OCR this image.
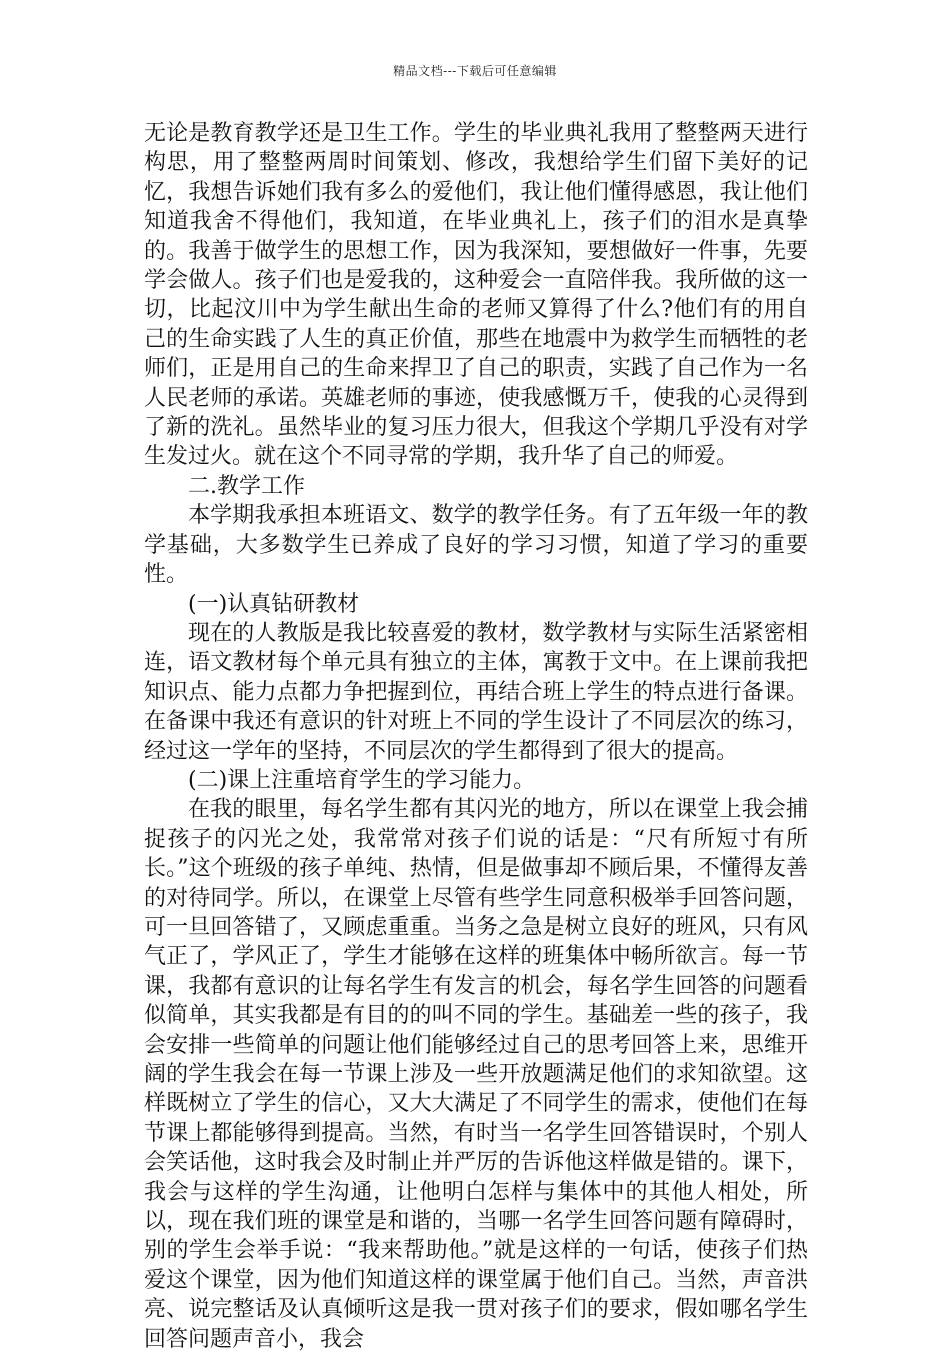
精品文档---下载后可任意编辑

无论是教育教学还是卫生工作。学生的毕业典礼我用了整整两天进行构思，用了整整两周时间策划、修改，我想给学生们留下美好的记忆，我想告诉她们我有多么的爱他们，我让他们懂得感恩，我让他们知道我舍不得他们，我知道，在毕业典礼上，孩子们的泪水是真挚的。我善于做学生的思想工作，因为我深知，要想做好一件事，先要学会做人。孩子们也是爱我的，这种爱会一直陪伴我。我所做的这一切，比起汶川中为学生献出生命的老师又算得了什么?他们有的用自己的生命实践了人生的真正价值，那些在地震中为救学生而牺牲的老师们，正是用自己的生命来捍卫了自己的职责，实践了自己作为一名人民老师的承诺。英雄老师的事迹，使我感慨万千，使我的心灵得到了新的洗礼。虽然毕业的复习压力很大，但我这个学期几乎没有对学生发过火。就在这个不同寻常的学期，我升华了自己的师爱。

二.教学工作

本学期我承担本班语文、数学的教学任务。有了五年级一年的教学基础，大多数学生已养成了良好的学习习惯，知道了学习的重要性。

(一)认真钻研教材

现在的人教版是我比较喜爱的教材，数学教材与实际生活紧密相连，语文教材每个单元具有独立的主体，寓教于文中。在上课前我把知识点、能力点都力争把握到位，再结合班上学生的特点进行备课。在备课中我还有意识的针对班上不同的学生设计了不同层次的练习，经过这一学年的坚持，不同层次的学生都得到了很大的提高。

(二)课上注重培育学生的学习能力。

在我的眼里，每名学生都有其闪光的地方，所以在课堂上我会捕捉孩子的闪光之处，我常常对孩子们说的话是：“尺有所短寸有所长。”这个班级的孩子单纯、热情，但是做事却不顾后果，不懂得友善的对待同学。所以，在课堂上尽管有些学生同意积极举手回答问题，可一旦回答错了，又顾虑重重。当务之急是树立良好的班风，只有风气正了，学风正了，学生才能够在这样的班集体中畅所欲言。每一节课，我都有意识的让每名学生有发言的机会，每名学生回答的问题看似简单，其实我都是有目的的叫不同的学生。基础差一些的孩子，我会安排一些简单的问题让他们能够经过自己的思考回答上来，思维开阔的学生我会在每一节课上涉及一些开放题满足他们的求知欲望。这样既树立了学生的信心，又大大满足了不同学生的需求，使他们在每节课上都能够得到提高。当然，有时当一名学生回答错误时，个别人会笑话他，这时我会及时制止并严厉的告诉他这样做是错的。课下，我会与这样的学生沟通，让他明白怎样与集体中的其他人相处，所以，现在我们班的课堂是和谐的，当哪一名学生回答问题有障碍时，别的学生会举手说：“我来帮助他。”就是这样的一句话，使孩子们热爱这个课堂，因为他们知道这样的课堂属于他们自己。当然，声音洪亮、说完整话及认真倾听这是我一贯对孩子们的要求，假如哪名学生回答问题声音小，我会
